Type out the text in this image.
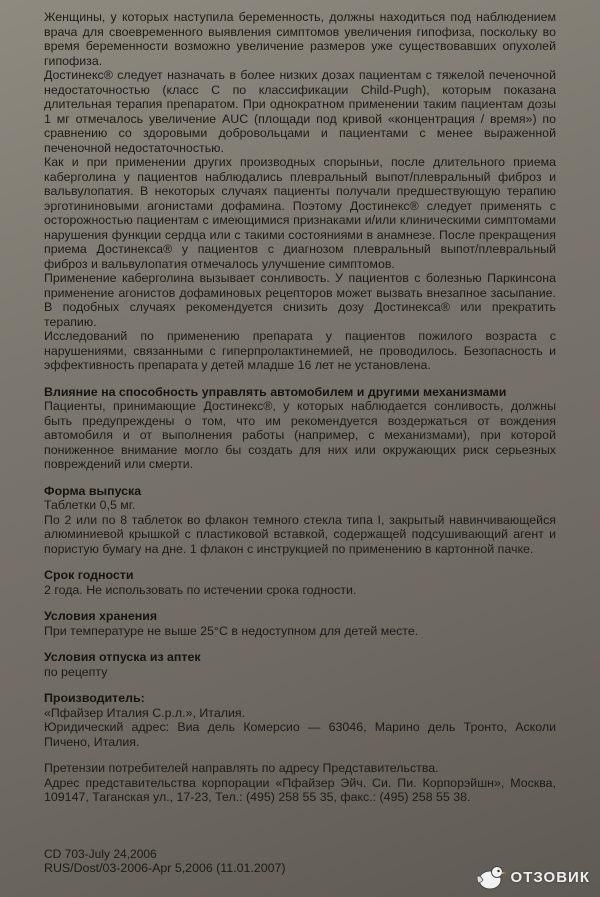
Женщины, у которых наступила беременность, должны находиться под наблюдением врача для своевременного выявления симптомов увеличения гипофиза, поскольку во время беременности возможно увеличение размеров уже существовавших опухолей гипофиза.

Достинекс® следует назначать в более низких дозах пациентам с тяжелой печеночной недостаточностью (класс С по классификации Child-Pugh), которым показана длительная терапия препаратом. При однократном применении таким пациентам дозы 1 мг отмечалось увеличение AUC (площади под кривой «концентрация / время») по сравнению со здоровыми добровольцами и пациентами с менее выраженной печеночной недостаточностью.

Как и при применении других производных спорыньи, после длительного приема каберголина у пациентов наблюдались плевральный выпот/плевральный фиброз и вальвулопатия. В некоторых случаях пациенты получали предшествующую терапию эрготининовыми агонистами дофамина. Поэтому Достинекс® следует применять с осторожностью пациентам с имеющимися признаками и/или клиническими симптомами нарушения функции сердца или с такими состояниями в анамнезе. После прекращения приема Достинекса® у пациентов с диагнозом плевральный выпот/плевральный фиброз и вальвулопатия отмечалось улучшение симптомов.

Применение каберголина вызывает сонливость. У пациентов с болезнью Паркинсона применение агонистов дофаминовых рецепторов может вызвать внезапное засыпание. В подобных случаях рекомендуется снизить дозу Достинекса® или прекратить терапию.

Исследований по применению препарата у пациентов пожилого возраста с нарушениями, связанными с гиперпролактинемией, не проводилось. Безопасность и эффективность препарата у детей младше 16 лет не установлена.

Влияние на способность управлять автомобилем и другими механизмами

Пациенты, принимающие Достинекс®, у которых наблюдается сонливость, должны быть предупреждены о том, что им рекомендуется воздержаться от вождения автомобиля и от выполнения работы (например, с механизмами), при которой пониженное внимание могло бы создать для них или окружающих риск серьезных повреждений или смерти.

Форма выпуска

Таблетки 0,5 мг.

По 2 или по 8 таблеток во флакон темного стекла типа I, закрытый навинчивающейся алюминиевой крышкой с пластиковой вставкой, содержащей подсушивающий агент и пористую бумагу на дне. 1 флакон с инструкцией по применению в картонной пачке.

Срок годности

2 года. Не использовать по истечении срока годности.

Условия хранения

При температуре не выше 25°С в недоступном для детей месте.

Условия отпуска из аптек

по рецепту

Производитель:

«Пфайзер Италия С.р.л.», Италия.

Юридический адрес: Виа дель Комерсио — 63046, Марино дель Тронто, Асколи Пичено, Италия.

Претензии потребителей направлять по адресу Представительства.

Адрес представительства корпорации «Пфайзер Эйч. Си. Пи. Корпорэйшн», Москва, 109147, Таганская ул., 17-23, Тел.: (495) 258 55 35, факс.: (495) 258 55 38.

CD 703-July 24,2006

RUS/Dost/03-2006-Apr 5,2006 (11.01.2007)

ОТЗОВИК
